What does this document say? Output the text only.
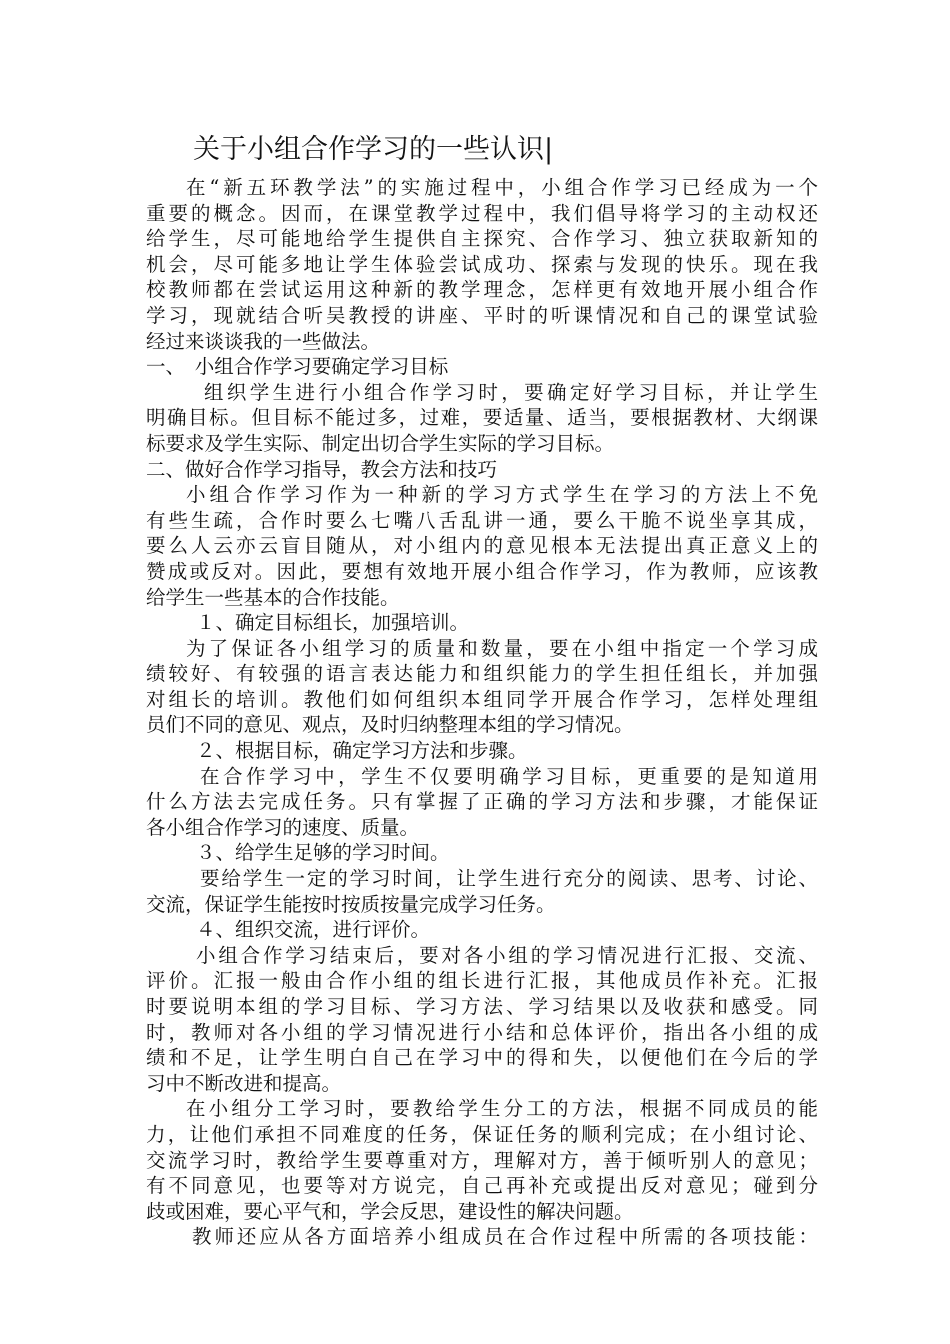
关于小组合作学习的一些认识|
在“新五环教学法”的实施过程中，小组合作学习已经成为一个
重要的概念。因而，在课堂教学过程中，我们倡导将学习的主动权还
给学生，尽可能地给学生提供自主探究、合作学习、独立获取新知的
机会，尽可能多地让学生体验尝试成功、探索与发现的快乐。现在我
校教师都在尝试运用这种新的教学理念，怎样更有效地开展小组合作
学习，现就结合听吴教授的讲座、平时的听课情况和自己的课堂试验
经过来谈谈我的一些做法。
一、　小组合作学习要确定学习目标
组织学生进行小组合作学习时，要确定好学习目标，并让学生
明确目标。但目标不能过多，过难，要适量、适当，要根据教材、大纲课
标要求及学生实际、制定出切合学生实际的学习目标。
二、做好合作学习指导，教会方法和技巧
小组合作学习作为一种新的学习方式学生在学习的方法上不免
有些生疏，合作时要么七嘴八舌乱讲一通，要么干脆不说坐享其成，
要么人云亦云盲目随从，对小组内的意见根本无法提出真正意义上的
赞成或反对。因此，要想有效地开展小组合作学习，作为教师，应该教
给学生一些基本的合作技能。
１、确定目标组长，加强培训。
为了保证各小组学习的质量和数量，要在小组中指定一个学习成
绩较好、有较强的语言表达能力和组织能力的学生担任组长，并加强
对组长的培训。教他们如何组织本组同学开展合作学习，怎样处理组
员们不同的意见、观点，及时归纳整理本组的学习情况。
２、根据目标，确定学习方法和步骤。
在合作学习中，学生不仅要明确学习目标，更重要的是知道用
什么方法去完成任务。只有掌握了正确的学习方法和步骤，才能保证
各小组合作学习的速度、质量。
３、给学生足够的学习时间。
要给学生一定的学习时间，让学生进行充分的阅读、思考、讨论、
交流，保证学生能按时按质按量完成学习任务。
４、组织交流，进行评价。
小组合作学习结束后，要对各小组的学习情况进行汇报、交流、
评价。汇报一般由合作小组的组长进行汇报，其他成员作补充。汇报
时要说明本组的学习目标、学习方法、学习结果以及收获和感受。同
时，教师对各小组的学习情况进行小结和总体评价，指出各小组的成
绩和不足，让学生明白自己在学习中的得和失，以便他们在今后的学
习中不断改进和提高。
在小组分工学习时，要教给学生分工的方法，根据不同成员的能
力，让他们承担不同难度的任务，保证任务的顺利完成；在小组讨论、
交流学习时，教给学生要尊重对方，理解对方，善于倾听别人的意见；
有不同意见，也要等对方说完，自己再补充或提出反对意见；碰到分
歧或困难，要心平气和，学会反思，建设性的解决问题。
教师还应从各方面培养小组成员在合作过程中所需的各项技能：
